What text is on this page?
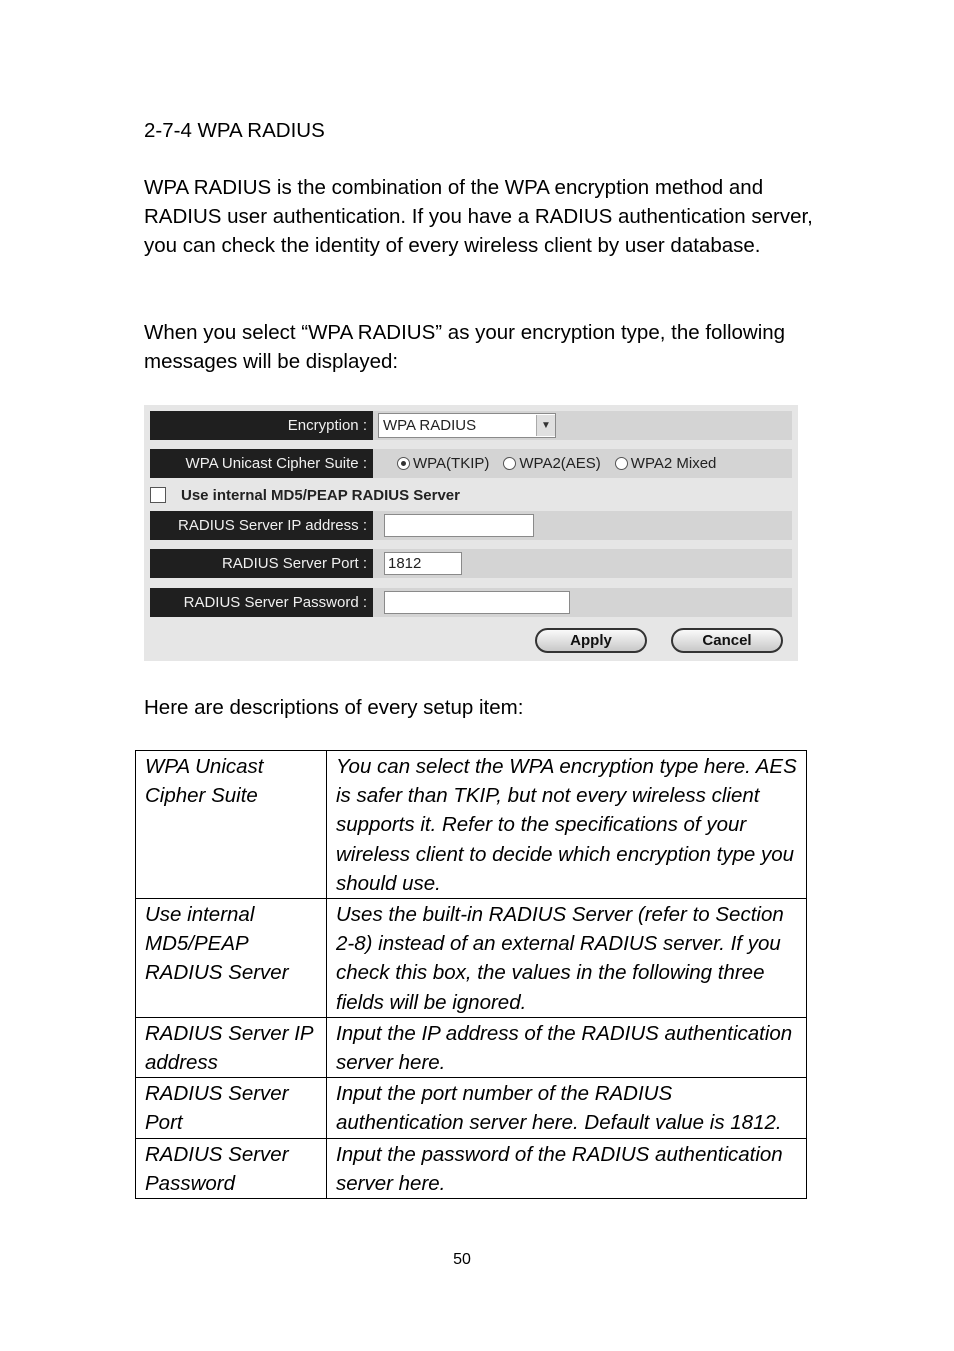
2-7-4 WPA RADIUS

WPA RADIUS is the combination of the WPA encryption method and RADIUS user authentication. If you have a RADIUS authentication server, you can check the identity of every wireless client by user database.

When you select “WPA RADIUS” as your encryption type, the following messages will be displayed:

Encryption :	WPA RADIUS	▼
WPA Unicast Cipher Suite :	WPA(TKIP) WPA2(AES) WPA2 Mixed
Use internal MD5/PEAP RADIUS Server
RADIUS Server IP address :
RADIUS Server Port :	1812
RADIUS Server Password :
Apply	Cancel

Here are descriptions of every setup item:

WPA Unicast Cipher Suite	You can select the WPA encryption type here. AES is safer than TKIP, but not every wireless client supports it. Refer to the specifications of your wireless client to decide which encryption type you should use.
Use internal MD5/PEAP RADIUS Server	Uses the built-in RADIUS Server (refer to Section 2-8) instead of an external RADIUS server. If you check this box, the values in the following three fields will be ignored.
RADIUS Server IP address	Input the IP address of the RADIUS authentication server here.
RADIUS Server Port	Input the port number of the RADIUS authentication server here. Default value is 1812.
RADIUS Server Password	Input the password of the RADIUS authentication server here.
50
